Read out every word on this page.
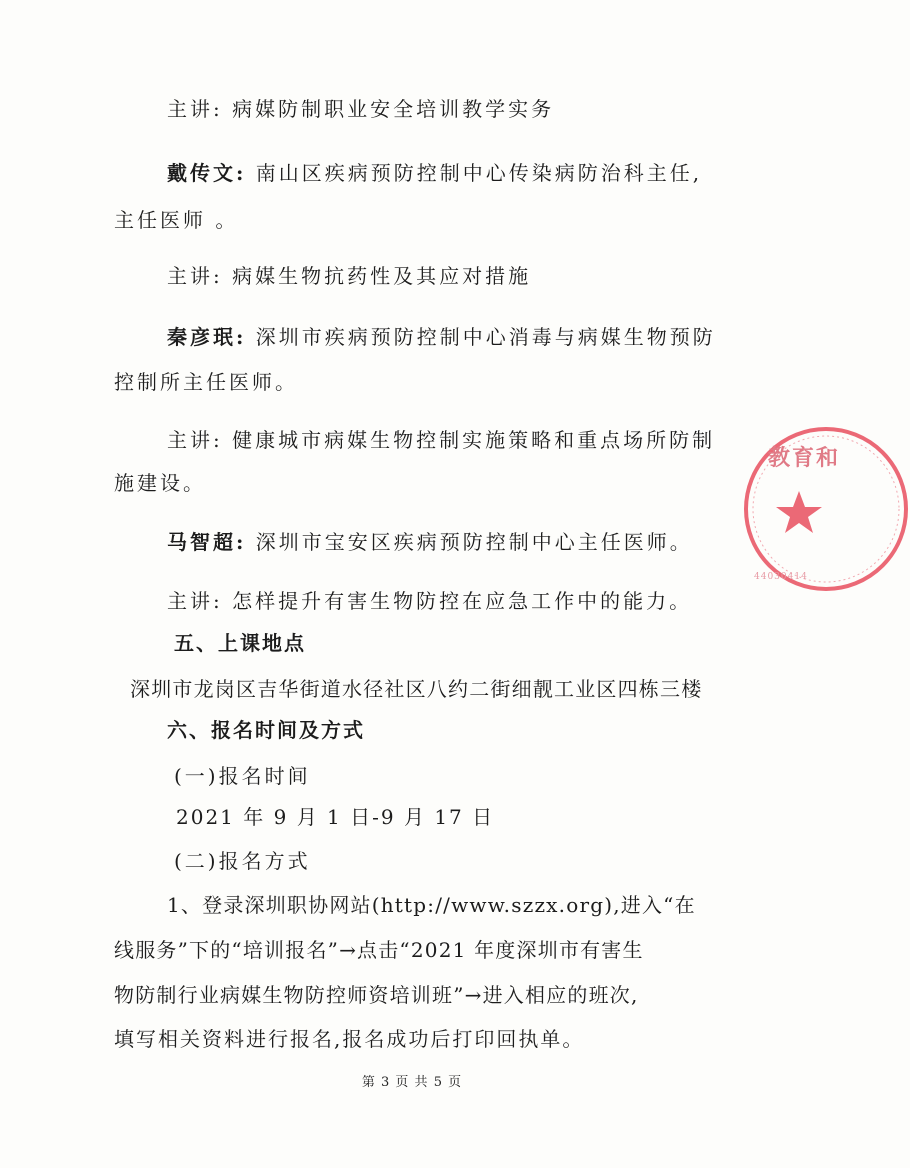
主讲: 病媒防制职业安全培训教学实务
戴传文: 南山区疾病预防控制中心传染病防治科主任,
主任医师 。
主讲: 病媒生物抗药性及其应对措施
秦彦珉: 深圳市疾病预防控制中心消毒与病媒生物预防
控制所主任医师。
主讲: 健康城市病媒生物控制实施策略和重点场所防制
施建设。
马智超: 深圳市宝安区疾病预防控制中心主任医师。
主讲: 怎样提升有害生物防控在应急工作中的能力。
五、上课地点
深圳市龙岗区吉华街道水径社区八约二街细靓工业区四栋三楼
六、报名时间及方式
(一)报名时间
2021 年 9 月 1 日-9 月 17 日
(二)报名方式
1、登录深圳职协网站(http://www.szzx.org),进入“在
线服务”下的“培训报名”→点击“2021 年度深圳市有害生
物防制行业病媒生物防控师资培训班”→进入相应的班次,
填写相关资料进行报名,报名成功后打印回执单。
第 3 页 共 5 页
教育和
44030414
